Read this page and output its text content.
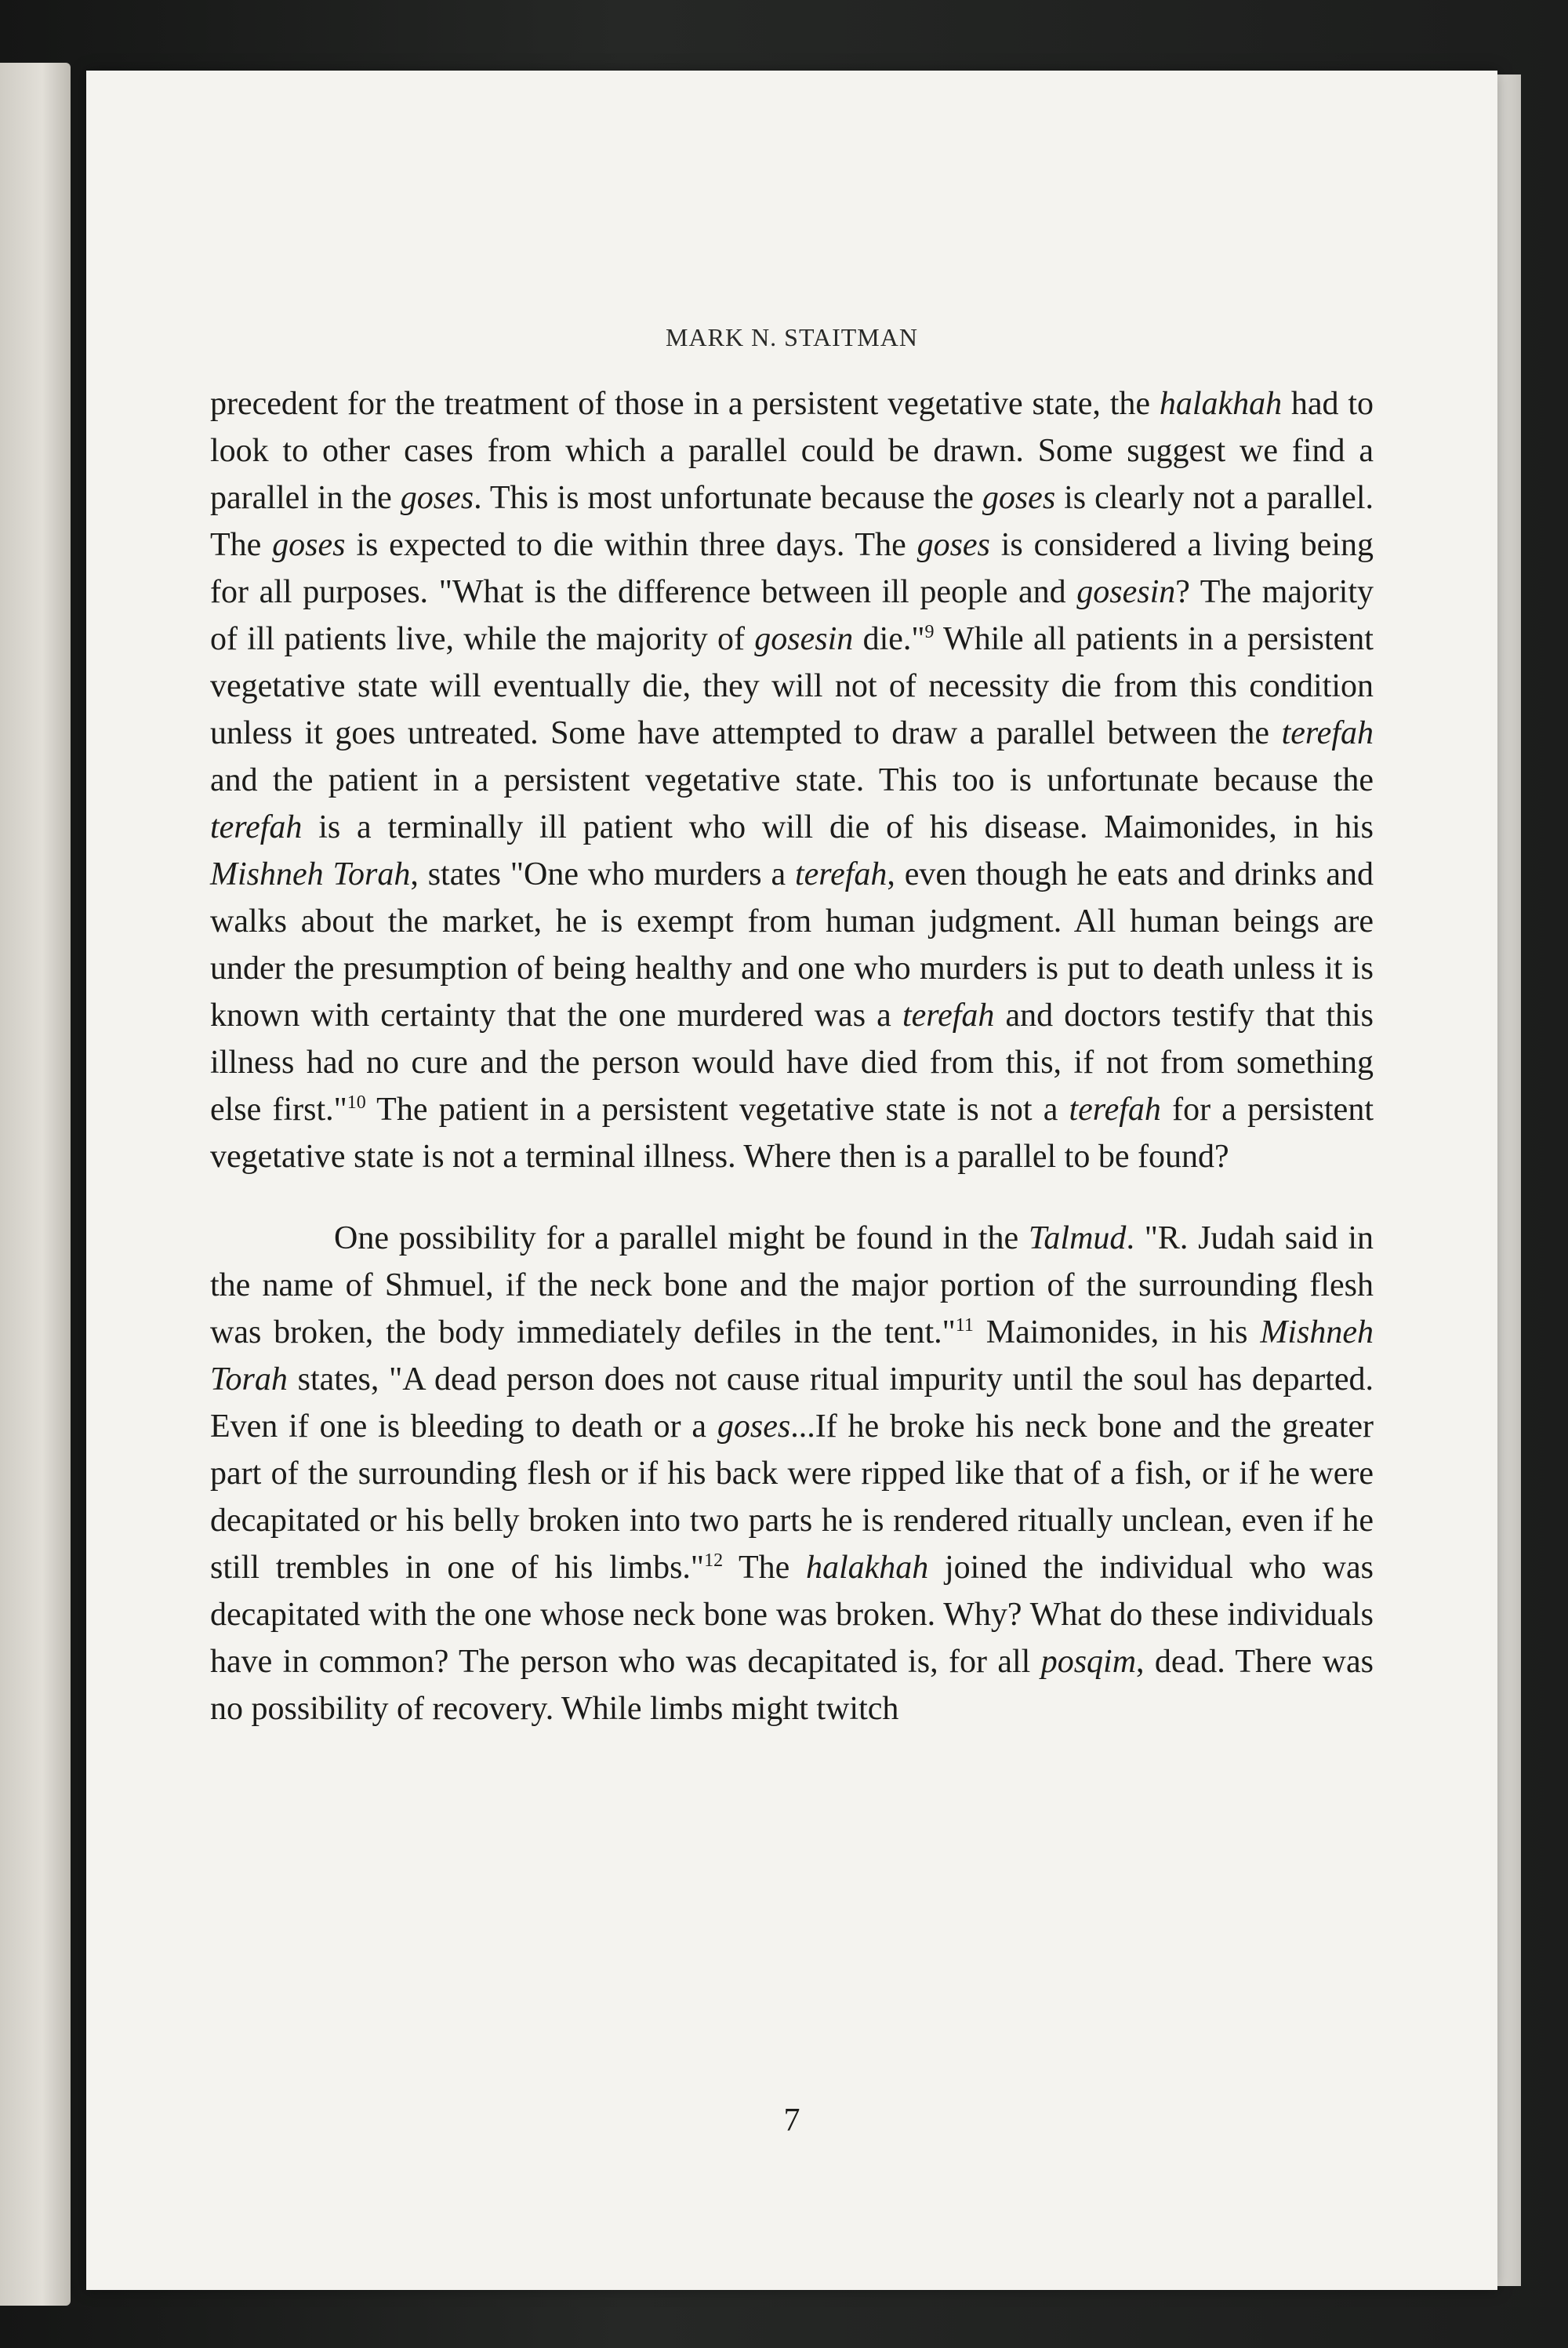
MARK N. STAITMAN

precedent for the treatment of those in a persistent vegetative state, the halakhah had to look to other cases from which a parallel could be drawn. Some suggest we find a parallel in the goses. This is most unfortunate because the goses is clearly not a parallel. The goses is expected to die within three days. The goses is considered a living being for all purposes. "What is the difference between ill people and gosesin? The majority of ill patients live, while the majority of gosesin die."$^9$ While all patients in a persistent vegetative state will eventually die, they will not of necessity die from this condition unless it goes untreated. Some have attempted to draw a parallel between the terefah and the patient in a persistent vegetative state. This too is unfortunate because the terefah is a terminally ill patient who will die of his disease. Maimonides, in his Mishneh Torah, states "One who murders a terefah, even though he eats and drinks and walks about the market, he is exempt from human judgment. All human beings are under the presumption of being healthy and one who murders is put to death unless it is known with certainty that the one murdered was a terefah and doctors testify that this illness had no cure and the person would have died from this, if not from something else first."$^{10}$ The patient in a persistent vegetative state is not a terefah for a persistent vegetative state is not a terminal illness. Where then is a parallel to be found?

One possibility for a parallel might be found in the Talmud. "R. Judah said in the name of Shmuel, if the neck bone and the major portion of the surrounding flesh was broken, the body immediately defiles in the tent."$^{11}$ Maimonides, in his Mishneh Torah states, "A dead person does not cause ritual impurity until the soul has departed. Even if one is bleeding to death or a goses...If he broke his neck bone and the greater part of the surrounding flesh or if his back were ripped like that of a fish, or if he were decapitated or his belly broken into two parts he is rendered ritually unclean, even if he still trembles in one of his limbs."$^{12}$ The halakhah joined the individual who was decapitated with the one whose neck bone was broken. Why? What do these individuals have in common? The person who was decapitated is, for all posqim, dead. There was no possibility of recovery. While limbs might twitch

7
